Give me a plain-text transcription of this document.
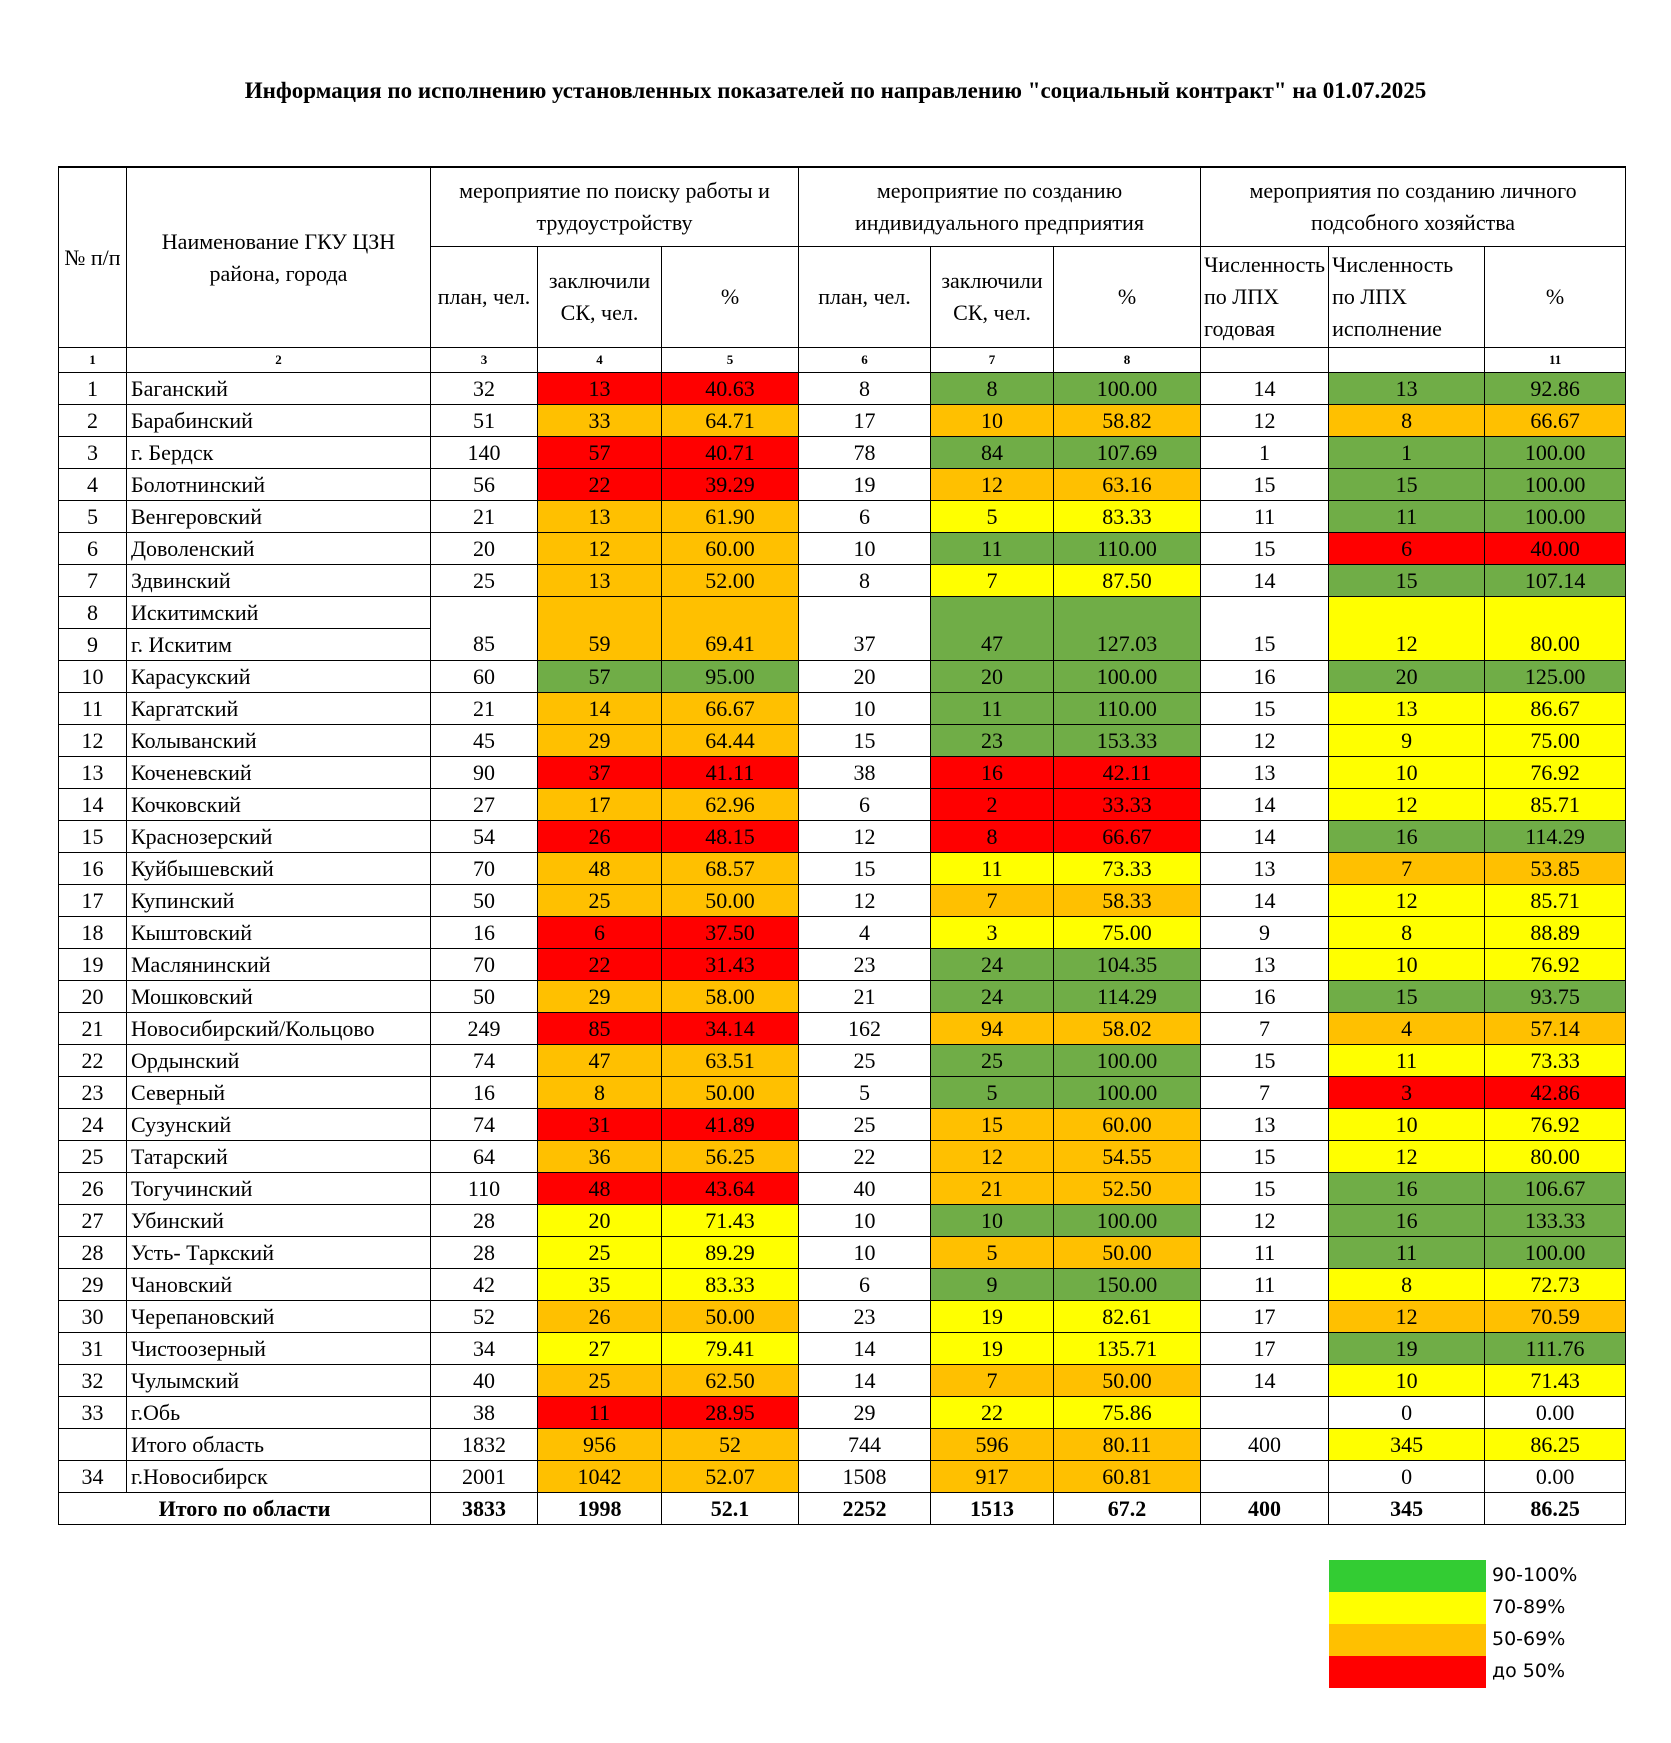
Информация по исполнению установленных показателей по направлению "социальный контракт" на 01.07.2025
№ п/п	Наименование ГКУ ЦЗН района, города	мероприятие по поиску работы и трудоустройству			мероприятие по созданию индивидуального предприятия			мероприятия по созданию личного подсобного хозяйства		
		план, чел.	заключили СК, чел.	%	план, чел.	заключили СК, чел.	%	Численность по ЛПХ годовая	Численность по ЛПХ исполнение	%
1	2	3	4	5	6	7	8			11
1	Баганский	32	13	40.63	8	8	100.00	14	13	92.86
2	Барабинский	51	33	64.71	17	10	58.82	12	8	66.67
3	г. Бердск	140	57	40.71	78	84	107.69	1	1	100.00
4	Болотнинский	56	22	39.29	19	12	63.16	15	15	100.00
5	Венгеровский	21	13	61.90	6	5	83.33	11	11	100.00
6	Доволенский	20	12	60.00	10	11	110.00	15	6	40.00
7	Здвинский	25	13	52.00	8	7	87.50	14	15	107.14
8	Искитимский									
9	г. Искитим	85	59	69.41	37	47	127.03	15	12	80.00
10	Карасукский	60	57	95.00	20	20	100.00	16	20	125.00
11	Каргатский	21	14	66.67	10	11	110.00	15	13	86.67
12	Колыванский	45	29	64.44	15	23	153.33	12	9	75.00
13	Коченевский	90	37	41.11	38	16	42.11	13	10	76.92
14	Кочковский	27	17	62.96	6	2	33.33	14	12	85.71
15	Краснозерский	54	26	48.15	12	8	66.67	14	16	114.29
16	Куйбышевский	70	48	68.57	15	11	73.33	13	7	53.85
17	Купинский	50	25	50.00	12	7	58.33	14	12	85.71
18	Кыштовский	16	6	37.50	4	3	75.00	9	8	88.89
19	Маслянинский	70	22	31.43	23	24	104.35	13	10	76.92
20	Мошковский	50	29	58.00	21	24	114.29	16	15	93.75
21	Новосибирский/Кольцово	249	85	34.14	162	94	58.02	7	4	57.14
22	Ордынский	74	47	63.51	25	25	100.00	15	11	73.33
23	Северный	16	8	50.00	5	5	100.00	7	3	42.86
24	Сузунский	74	31	41.89	25	15	60.00	13	10	76.92
25	Татарский	64	36	56.25	22	12	54.55	15	12	80.00
26	Тогучинский	110	48	43.64	40	21	52.50	15	16	106.67
27	Убинский	28	20	71.43	10	10	100.00	12	16	133.33
28	Усть- Таркский	28	25	89.29	10	5	50.00	11	11	100.00
29	Чановский	42	35	83.33	6	9	150.00	11	8	72.73
30	Черепановский	52	26	50.00	23	19	82.61	17	12	70.59
31	Чистоозерный	34	27	79.41	14	19	135.71	17	19	111.76
32	Чулымский	40	25	62.50	14	7	50.00	14	10	71.43
33	г.Обь	38	11	28.95	29	22	75.86		0	0.00
	Итого область	1832	956	52	744	596	80.11	400	345	86.25
34	г.Новосибирск	2001	1042	52.07	1508	917	60.81		0	0.00
Итого по области		3833	1998	52.1	2252	1513	67.2	400	345	86.25
90-100%
70-89%
50-69%
до 50%
